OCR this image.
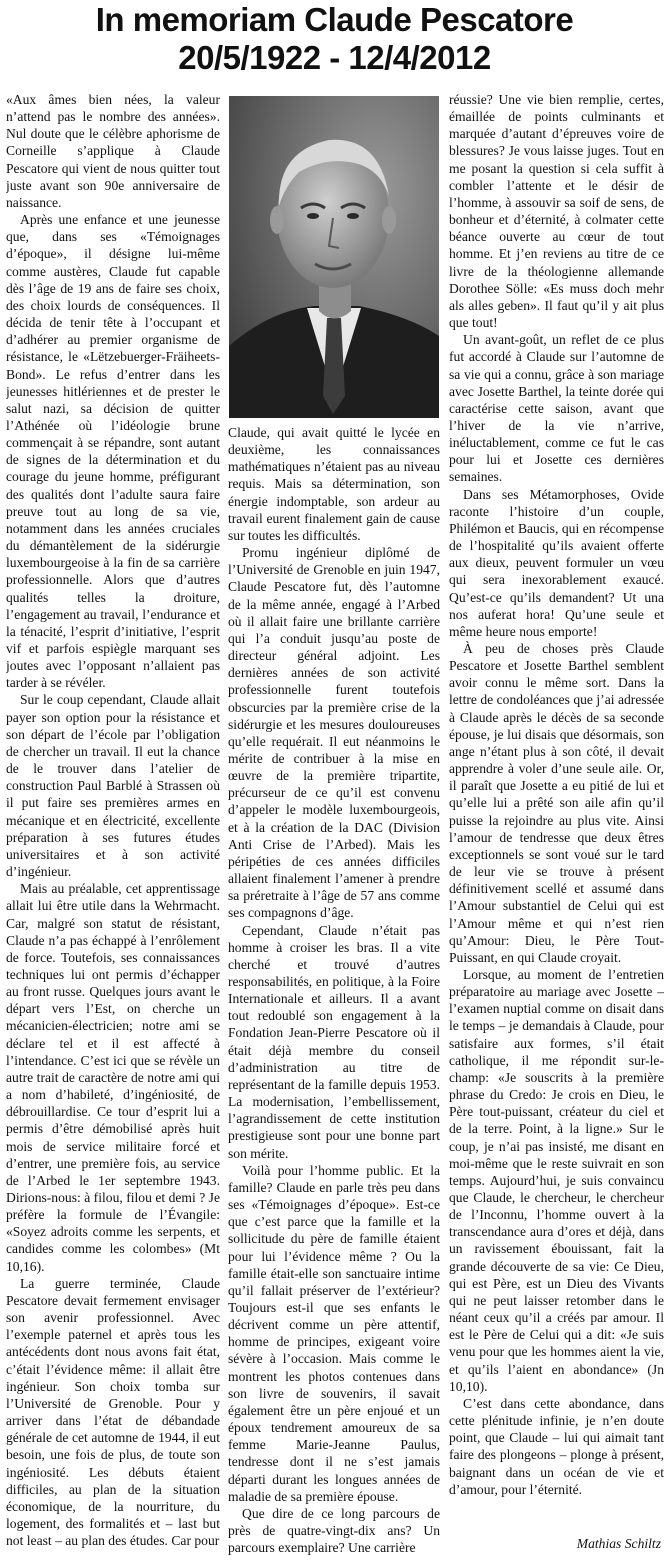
In memoriam Claude Pescatore
20/5/1922 - 12/4/2012

«Aux âmes bien nées, la valeur n’attend pas le nombre des années». Nul doute que le célèbre aphorisme de Corneille s’applique à Claude Pescatore qui vient de nous quitter tout juste avant son 90e anniversaire de naissance.

Après une enfance et une jeunesse que, dans ses «Témoignages d’époque», il désigne lui-même comme austères, Claude fut capable dès l’âge de 19 ans de faire ses choix, des choix lourds de conséquences. Il décida de tenir tête à l’occupant et d’adhérer au premier organisme de résistance, le «Lëtzebuerger-Fräiheets-Bond». Le refus d’entrer dans les jeunesses hitlériennes et de prester le salut nazi, sa décision de quitter l’Athénée où l’idéologie brune commençait à se répandre, sont autant de signes de la détermination et du courage du jeune homme, préfigurant des qualités dont l’adulte saura faire preuve tout au long de sa vie, notamment dans les années cruciales du démantèlement de la sidérurgie luxembourgeoise à la fin de sa carrière professionnelle. Alors que d’autres qualités telles la droiture, l’engagement au travail, l’endurance et la ténacité, l’esprit d’initiative, l’esprit vif et parfois espiègle marquant ses joutes avec l’opposant n’allaient pas tarder à se révéler.

Sur le coup cependant, Claude allait payer son option pour la résistance et son départ de l’école par l’obligation de chercher un travail. Il eut la chance de le trouver dans l’atelier de construction Paul Barblé à Strassen où il put faire ses premières armes en mécanique et en électricité, excellente préparation à ses futures études universitaires et à son activité d’ingénieur.

Mais au préalable, cet apprentissage allait lui être utile dans la Wehrmacht. Car, malgré son statut de résistant, Claude n’a pas échappé à l’enrôlement de force. Toutefois, ses connaissances techniques lui ont permis d’échapper au front russe. Quelques jours avant le départ vers l’Est, on cherche un mécanicien-électricien; notre ami se déclare tel et il est affecté à l’intendance. C’est ici que se révèle un autre trait de caractère de notre ami qui a nom d’habileté, d’ingéniosité, de débrouillardise. Ce tour d’esprit lui a permis d’être démobilisé après huit mois de service militaire forcé et d’entrer, une première fois, au service de l’Arbed le 1er septembre 1943. Dirions-nous: à filou, filou et demi ? Je préfère la formule de l’Évangile: «Soyez adroits comme les serpents, et candides comme les colombes» (Mt 10,16).

La guerre terminée, Claude Pescatore devait fermement envisager son avenir professionnel. Avec l’exemple paternel et après tous les antécédents dont nous avons fait état, c’était l’évidence même: il allait être ingénieur. Son choix tomba sur l’Université de Grenoble. Pour y arriver dans l’état de débandade générale de cet automne de 1944, il eut besoin, une fois de plus, de toute son ingéniosité. Les débuts étaient difficiles, au plan de la situation économique, de la nourriture, du logement, des formalités et – last but not least – au plan des études. Car pour

Claude, qui avait quitté le lycée en deuxième, les connaissances mathématiques n’étaient pas au niveau requis. Mais sa détermination, son énergie indomptable, son ardeur au travail eurent finalement gain de cause sur toutes les difficultés.

Promu ingénieur diplômé de l’Université de Grenoble en juin 1947, Claude Pescatore fut, dès l’automne de la même année, engagé à l’Arbed où il allait faire une brillante carrière qui l’a conduit jusqu’au poste de directeur général adjoint. Les dernières années de son activité professionnelle furent toutefois obscurcies par la première crise de la sidérurgie et les mesures douloureuses qu’elle requérait. Il eut néanmoins le mérite de contribuer à la mise en œuvre de la première tripartite, précurseur de ce qu’il est convenu d’appeler le modèle luxembourgeois, et à la création de la DAC (Division Anti Crise de l’Arbed). Mais les péripéties de ces années difficiles allaient finalement l’amener à prendre sa préretraite à l’âge de 57 ans comme ses compagnons d’âge.

Cependant, Claude n’était pas homme à croiser les bras. Il a vite cherché et trouvé d’autres responsabilités, en politique, à la Foire Internationale et ailleurs. Il a avant tout redoublé son engagement à la Fondation Jean-Pierre Pescatore où il était déjà membre du conseil d’administration au titre de représentant de la famille depuis 1953. La modernisation, l’embellissement, l’agrandissement de cette institution prestigieuse sont pour une bonne part son mérite.

Voilà pour l’homme public. Et la famille? Claude en parle très peu dans ses «Témoignages d’époque». Est-ce que c’est parce que la famille et la sollicitude du père de famille étaient pour lui l’évidence même ? Ou la famille était-elle son sanctuaire intime qu’il fallait préserver de l’extérieur? Toujours est-il que ses enfants le décrivent comme un père attentif, homme de principes, exigeant voire sévère à l’occasion. Mais comme le montrent les photos contenues dans son livre de souvenirs, il savait également être un père enjoué et un époux tendrement amoureux de sa femme Marie-Jeanne Paulus, tendresse dont il ne s’est jamais départi durant les longues années de maladie de sa première épouse.

Que dire de ce long parcours de près de quatre-vingt-dix ans? Un parcours exemplaire? Une carrière

réussie? Une vie bien remplie, certes, émaillée de points culminants et marquée d’autant d’épreuves voire de blessures? Je vous laisse juges. Tout en me posant la question si cela suffit à combler l’attente et le désir de l’homme, à assouvir sa soif de sens, de bonheur et d’éternité, à colmater cette béance ouverte au cœur de tout homme. Et j’en reviens au titre de ce livre de la théologienne allemande Dorothee Sölle: «Es muss doch mehr als alles geben». Il faut qu’il y ait plus que tout!

Un avant-goût, un reflet de ce plus fut accordé à Claude sur l’automne de sa vie qui a connu, grâce à son mariage avec Josette Barthel, la teinte dorée qui caractérise cette saison, avant que l’hiver de la vie n’arrive, inéluctablement, comme ce fut le cas pour lui et Josette ces dernières semaines.

Dans ses Métamorphoses, Ovide raconte l’histoire d’un couple, Philémon et Baucis, qui en récompense de l’hospitalité qu’ils avaient offerte aux dieux, peuvent formuler un vœu qui sera inexorablement exaucé. Qu’est-ce qu’ils demandent? Ut una nos auferat hora! Qu’une seule et même heure nous emporte!

À peu de choses près Claude Pescatore et Josette Barthel semblent avoir connu le même sort. Dans la lettre de condoléances que j’ai adressée à Claude après le décès de sa seconde épouse, je lui disais que désormais, son ange n’étant plus à son côté, il devait apprendre à voler d’une seule aile. Or, il paraît que Josette a eu pitié de lui et qu’elle lui a prêté son aile afin qu’il puisse la rejoindre au plus vite. Ainsi l’amour de tendresse que deux êtres exceptionnels se sont voué sur le tard de leur vie se trouve à présent définitivement scellé et assumé dans l’Amour substantiel de Celui qui est l’Amour même et qui n’est rien qu’Amour: Dieu, le Père Tout-Puissant, en qui Claude croyait.

Lorsque, au moment de l’entretien préparatoire au mariage avec Josette – l’examen nuptial comme on disait dans le temps – je demandais à Claude, pour satisfaire aux formes, s’il était catholique, il me répondit sur-le-champ: «Je souscrits à la première phrase du Credo: Je crois en Dieu, le Père tout-puissant, créateur du ciel et de la terre. Point, à la ligne.» Sur le coup, je n’ai pas insisté, me disant en moi-même que le reste suivrait en son temps. Aujourd’hui, je suis convaincu que Claude, le chercheur, le chercheur de l’Inconnu, l’homme ouvert à la transcendance aura d’ores et déjà, dans un ravissement ébouissant, fait la grande découverte de sa vie: Ce Dieu, qui est Père, est un Dieu des Vivants qui ne peut laisser retomber dans le néant ceux qu’il a créés par amour. Il est le Père de Celui qui a dit: «Je suis venu pour que les hommes aient la vie, et qu’ils l’aient en abondance» (Jn 10,10).

C’est dans cette abondance, dans cette plénitude infinie, je n’en doute point, que Claude – lui qui aimait tant faire des plongeons – plonge à présent, baignant dans un océan de vie et d’amour, pour l’éternité.

Mathias Schiltz
